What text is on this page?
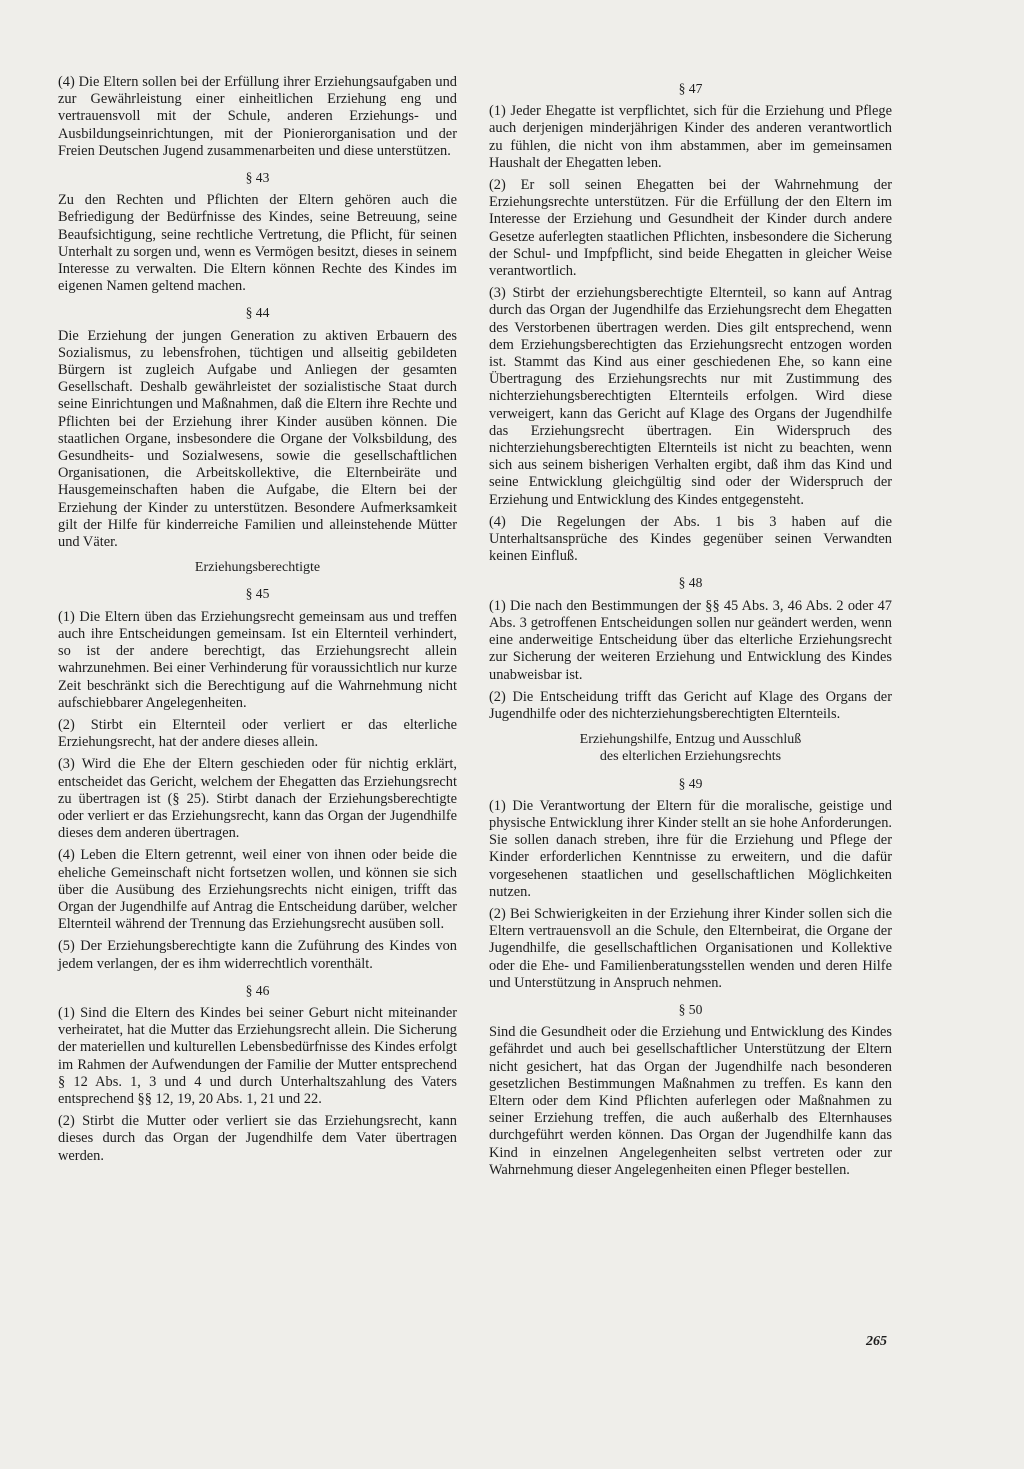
(4) Die Eltern sollen bei der Erfüllung ihrer Erziehungsaufgaben und zur Gewährleistung einer einheitlichen Erziehung eng und vertrauensvoll mit der Schule, anderen Erziehungs- und Ausbildungseinrichtungen, mit der Pionierorganisation und der Freien Deutschen Jugend zusammenarbeiten und diese unterstützen.

§ 43

Zu den Rechten und Pflichten der Eltern gehören auch die Befriedigung der Bedürfnisse des Kindes, seine Betreuung, seine Beaufsichtigung, seine rechtliche Vertretung, die Pflicht, für seinen Unterhalt zu sorgen und, wenn es Vermögen besitzt, dieses in seinem Interesse zu verwalten. Die Eltern können Rechte des Kindes im eigenen Namen geltend machen.

§ 44

Die Erziehung der jungen Generation zu aktiven Erbauern des Sozialismus, zu lebensfrohen, tüchtigen und allseitig gebildeten Bürgern ist zugleich Aufgabe und Anliegen der gesamten Gesellschaft. Deshalb gewährleistet der sozialistische Staat durch seine Einrichtungen und Maßnahmen, daß die Eltern ihre Rechte und Pflichten bei der Erziehung ihrer Kinder ausüben können. Die staatlichen Organe, insbesondere die Organe der Volksbildung, des Gesundheits- und Sozialwesens, sowie die gesellschaftlichen Organisationen, die Arbeitskollektive, die Elternbeiräte und Hausgemeinschaften haben die Aufgabe, die Eltern bei der Erziehung der Kinder zu unterstützen. Besondere Aufmerksamkeit gilt der Hilfe für kinderreiche Familien und alleinstehende Mütter und Väter.

Erziehungsberechtigte
§ 45

(1) Die Eltern üben das Erziehungsrecht gemeinsam aus und treffen auch ihre Entscheidungen gemeinsam. Ist ein Elternteil verhindert, so ist der andere berechtigt, das Erziehungsrecht allein wahrzunehmen. Bei einer Verhinderung für voraussichtlich nur kurze Zeit beschränkt sich die Berechtigung auf die Wahrnehmung nicht aufschiebbarer Angelegenheiten.

(2) Stirbt ein Elternteil oder verliert er das elterliche Erziehungsrecht, hat der andere dieses allein.

(3) Wird die Ehe der Eltern geschieden oder für nichtig erklärt, entscheidet das Gericht, welchem der Ehegatten das Erziehungsrecht zu übertragen ist (§ 25). Stirbt danach der Erziehungsberechtigte oder verliert er das Erziehungsrecht, kann das Organ der Jugendhilfe dieses dem anderen übertragen.

(4) Leben die Eltern getrennt, weil einer von ihnen oder beide die eheliche Gemeinschaft nicht fortsetzen wollen, und können sie sich über die Ausübung des Erziehungsrechts nicht einigen, trifft das Organ der Jugendhilfe auf Antrag die Entscheidung darüber, welcher Elternteil während der Trennung das Erziehungsrecht ausüben soll.

(5) Der Erziehungsberechtigte kann die Zuführung des Kindes von jedem verlangen, der es ihm widerrechtlich vorenthält.

§ 46

(1) Sind die Eltern des Kindes bei seiner Geburt nicht miteinander verheiratet, hat die Mutter das Erziehungsrecht allein. Die Sicherung der materiellen und kulturellen Lebensbedürfnisse des Kindes erfolgt im Rahmen der Aufwendungen der Familie der Mutter entsprechend § 12 Abs. 1, 3 und 4 und durch Unterhaltszahlung des Vaters entsprechend §§ 12, 19, 20 Abs. 1, 21 und 22.

(2) Stirbt die Mutter oder verliert sie das Erziehungsrecht, kann dieses durch das Organ der Jugendhilfe dem Vater übertragen werden.

§ 47

(1) Jeder Ehegatte ist verpflichtet, sich für die Erziehung und Pflege auch derjenigen minderjährigen Kinder des anderen verantwortlich zu fühlen, die nicht von ihm abstammen, aber im gemeinsamen Haushalt der Ehegatten leben.

(2) Er soll seinen Ehegatten bei der Wahrnehmung der Erziehungsrechte unterstützen. Für die Erfüllung der den Eltern im Interesse der Erziehung und Gesundheit der Kinder durch andere Gesetze auferlegten staatlichen Pflichten, insbesondere die Sicherung der Schul- und Impfpflicht, sind beide Ehegatten in gleicher Weise verantwortlich.

(3) Stirbt der erziehungsberechtigte Elternteil, so kann auf Antrag durch das Organ der Jugendhilfe das Erziehungsrecht dem Ehegatten des Verstorbenen übertragen werden. Dies gilt entsprechend, wenn dem Erziehungsberechtigten das Erziehungsrecht entzogen worden ist. Stammt das Kind aus einer geschiedenen Ehe, so kann eine Übertragung des Erziehungsrechts nur mit Zustimmung des nichterziehungsberechtigten Elternteils erfolgen. Wird diese verweigert, kann das Gericht auf Klage des Organs der Jugendhilfe das Erziehungsrecht übertragen. Ein Widerspruch des nichterziehungsberechtigten Elternteils ist nicht zu beachten, wenn sich aus seinem bisherigen Verhalten ergibt, daß ihm das Kind und seine Entwicklung gleichgültig sind oder der Widerspruch der Erziehung und Entwicklung des Kindes entgegensteht.

(4) Die Regelungen der Abs. 1 bis 3 haben auf die Unterhaltsansprüche des Kindes gegenüber seinen Verwandten keinen Einfluß.

§ 48

(1) Die nach den Bestimmungen der §§ 45 Abs. 3, 46 Abs. 2 oder 47 Abs. 3 getroffenen Entscheidungen sollen nur geändert werden, wenn eine anderweitige Entscheidung über das elterliche Erziehungsrecht zur Sicherung der weiteren Erziehung und Entwicklung des Kindes unabweisbar ist.

(2) Die Entscheidung trifft das Gericht auf Klage des Organs der Jugendhilfe oder des nichterziehungsberechtigten Elternteils.

Erziehungshilfe, Entzug und Ausschluß
des elterlichen Erziehungsrechts
§ 49

(1) Die Verantwortung der Eltern für die moralische, geistige und physische Entwicklung ihrer Kinder stellt an sie hohe Anforderungen. Sie sollen danach streben, ihre für die Erziehung und Pflege der Kinder erforderlichen Kenntnisse zu erweitern, und die dafür vorgesehenen staatlichen und gesellschaftlichen Möglichkeiten nutzen.

(2) Bei Schwierigkeiten in der Erziehung ihrer Kinder sollen sich die Eltern vertrauensvoll an die Schule, den Elternbeirat, die Organe der Jugendhilfe, die gesellschaftlichen Organisationen und Kollektive oder die Ehe- und Familienberatungsstellen wenden und deren Hilfe und Unterstützung in Anspruch nehmen.

§ 50

Sind die Gesundheit oder die Erziehung und Entwicklung des Kindes gefährdet und auch bei gesellschaftlicher Unterstützung der Eltern nicht gesichert, hat das Organ der Jugendhilfe nach besonderen gesetzlichen Bestimmungen Maßnahmen zu treffen. Es kann den Eltern oder dem Kind Pflichten auferlegen oder Maßnahmen zu seiner Erziehung treffen, die auch außerhalb des Elternhauses durchgeführt werden können. Das Organ der Jugendhilfe kann das Kind in einzelnen Angelegenheiten selbst vertreten oder zur Wahrnehmung dieser Angelegenheiten einen Pfleger bestellen.

265
